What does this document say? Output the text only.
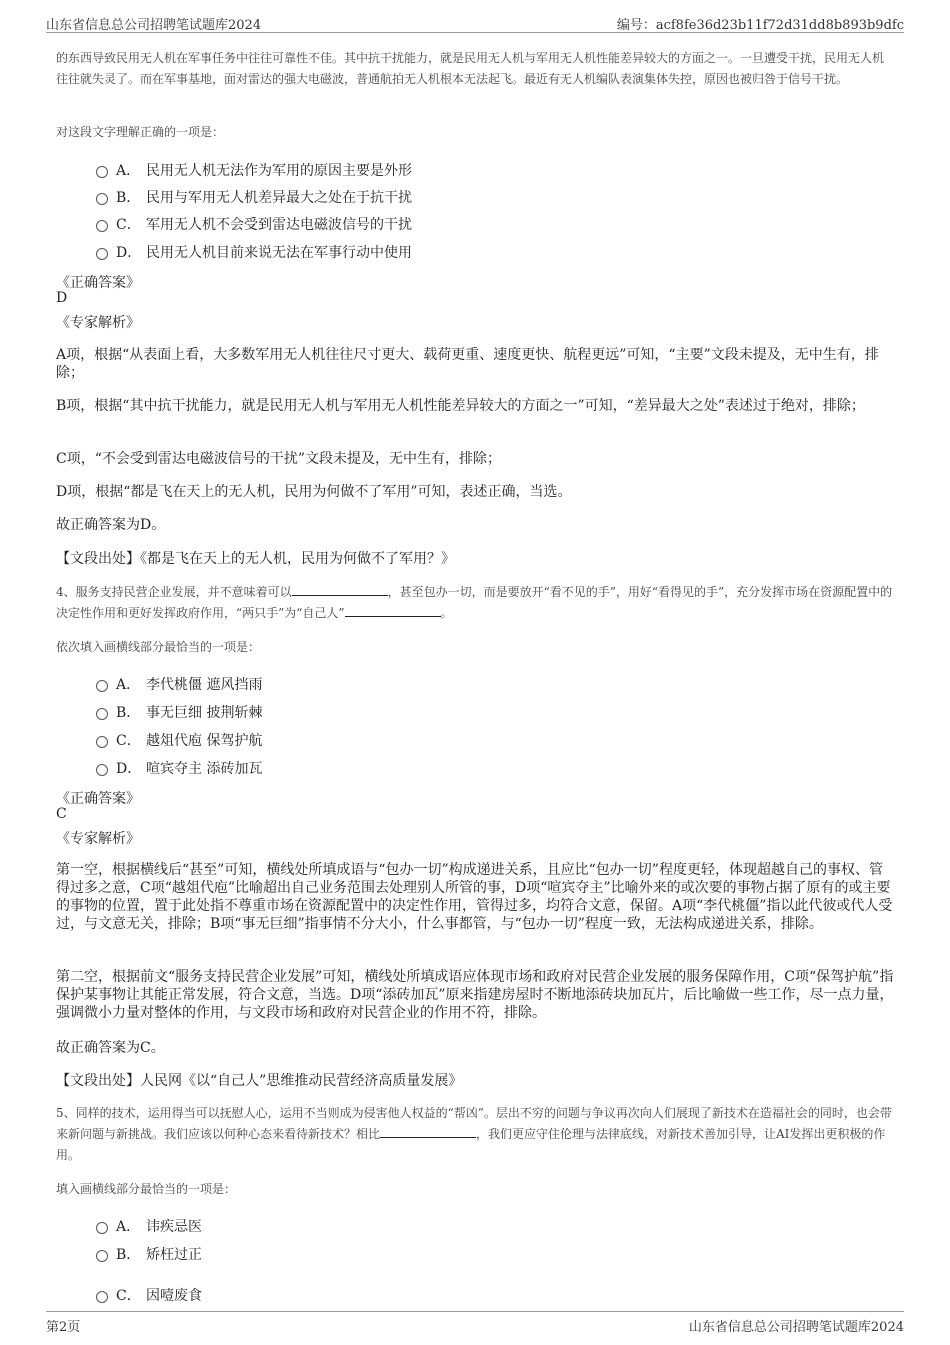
山东省信息总公司招聘笔试题库2024	编号：acf8fe36d23b11f72d31dd8b893b9dfc
的东西导致民用无人机在军事任务中往往可靠性不佳。其中抗干扰能力，就是民用无人机与军用无人机性能差异较大的方面之一。一旦遭受干扰，民用无人机往往就失灵了。而在军事基地，面对雷达的强大电磁波，普通航拍无人机根本无法起飞。最近有无人机编队表演集体失控，原因也被归咎于信号干扰。
对这段文字理解正确的一项是：
A． 民用无人机无法作为军用的原因主要是外形
B． 民用与军用无人机差异最大之处在于抗干扰
C． 军用无人机不会受到雷达电磁波信号的干扰
D． 民用无人机目前来说无法在军事行动中使用
《正确答案》
D
《专家解析》
A项，根据“从表面上看，大多数军用无人机往往尺寸更大、载荷更重、速度更快、航程更远”可知，“主要”文段未提及，无中生有，排除；
B项，根据“其中抗干扰能力，就是民用无人机与军用无人机性能差异较大的方面之一”可知，“差异最大之处”表述过于绝对，排除；
C项，“不会受到雷达电磁波信号的干扰”文段未提及，无中生有，排除；
D项，根据“都是飞在天上的无人机，民用为何做不了军用”可知，表述正确，当选。
故正确答案为D。
【文段出处】《都是飞在天上的无人机，民用为何做不了军用？》
4、服务支持民营企业发展，并不意味着可以	，甚至包办一切，而是要放开“看不见的手”，用好“看得见的手”，充分发挥市场在资源配置中的决定性作用和更好发挥政府作用，“两只手”为“自己人”	。
依次填入画横线部分最恰当的一项是：
A． 李代桃僵 遮风挡雨
B． 事无巨细 披荆斩棘
C． 越俎代庖 保驾护航
D． 喧宾夺主 添砖加瓦
《正确答案》
C
《专家解析》
第一空，根据横线后“甚至”可知，横线处所填成语与“包办一切”构成递进关系，且应比“包办一切”程度更轻，体现超越自己的事权、管得过多之意，C项“越俎代庖”比喻超出自己业务范围去处理别人所管的事，D项“喧宾夺主”比喻外来的或次要的事物占据了原有的或主要的事物的位置，置于此处指不尊重市场在资源配置中的决定性作用，管得过多，均符合文意，保留。A项“李代桃僵”指以此代彼或代人受过，与文意无关，排除；B项“事无巨细”指事情不分大小，什么事都管，与“包办一切”程度一致，无法构成递进关系，排除。
第二空，根据前文“服务支持民营企业发展”可知，横线处所填成语应体现市场和政府对民营企业发展的服务保障作用，C项“保驾护航”指保护某事物让其能正常发展，符合文意，当选。D项“添砖加瓦”原来指建房屋时不断地添砖块加瓦片，后比喻做一些工作，尽一点力量，强调微小力量对整体的作用，与文段市场和政府对民营企业的作用不符，排除。
故正确答案为C。
【文段出处】人民网《以“自己人”思维推动民营经济高质量发展》
5、同样的技术，运用得当可以抚慰人心，运用不当则成为侵害他人权益的“帮凶”。层出不穷的问题与争议再次向人们展现了新技术在造福社会的同时，也会带来新问题与新挑战。我们应该以何种心态来看待新技术？相比	，我们更应守住伦理与法律底线，对新技术善加引导，让AI发挥出更积极的作用。
填入画横线部分最恰当的一项是：
A． 讳疾忌医
B． 矫枉过正
C． 因噎废食
第2页	山东省信息总公司招聘笔试题库2024
